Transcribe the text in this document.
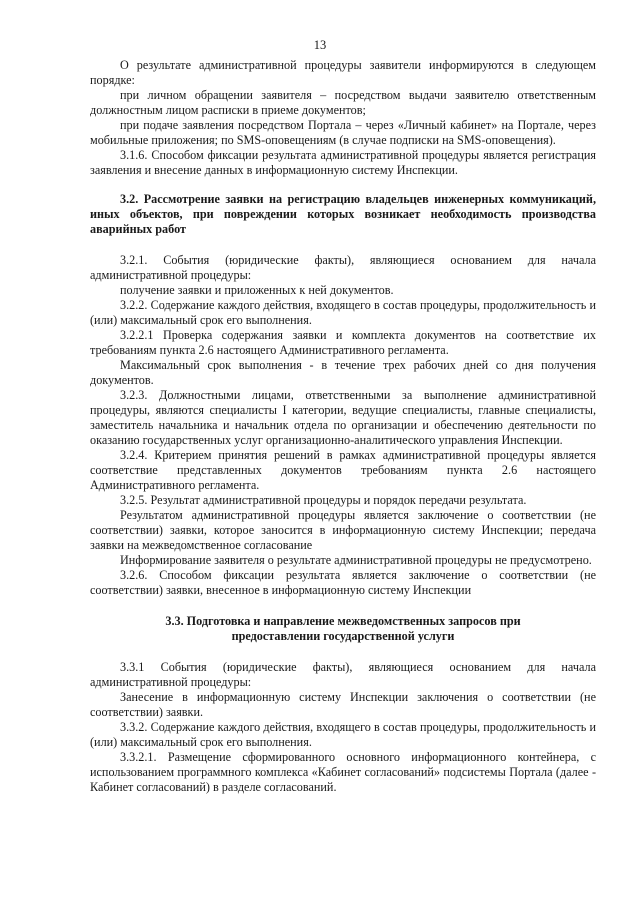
13

О результате административной процедуры заявители информируются в следующем порядке:

при личном обращении заявителя – посредством выдачи заявителю ответственным должностным лицом расписки в приеме документов;

при подаче заявления посредством Портала – через «Личный кабинет» на Портале, через мобильные приложения; по SMS-оповещениям (в случае подписки на SMS-оповещения).

3.1.6. Способом фиксации результата административной процедуры является регистрация заявления и внесение данных в информационную систему Инспекции.

3.2. Рассмотрение заявки на регистрацию владельцев инженерных коммуникаций, иных объектов, при повреждении которых возникает необходимость производства аварийных работ

3.2.1. События (юридические факты), являющиеся основанием для начала административной процедуры:

получение заявки и приложенных к ней документов.

3.2.2. Содержание каждого действия, входящего в состав процедуры, продолжительность и (или) максимальный срок его выполнения.

3.2.2.1 Проверка содержания заявки и комплекта документов на соответствие их требованиям пункта 2.6 настоящего Административного регламента.

Максимальный срок выполнения - в течение трех рабочих дней со дня получения документов.

3.2.3. Должностными лицами, ответственными за выполнение административной процедуры, являются специалисты I категории, ведущие специалисты, главные специалисты, заместитель начальника и начальник отдела по организации и обеспечению деятельности по оказанию государственных услуг организационно-аналитического управления Инспекции.

3.2.4. Критерием принятия решений в рамках административной процедуры является соответствие представленных документов требованиям пункта 2.6 настоящего Административного регламента.

3.2.5. Результат административной процедуры и порядок передачи результата.

Результатом административной процедуры является заключение о соответствии (не соответствии) заявки, которое заносится в информационную систему Инспекции; передача заявки на межведомственное согласование

Информирование заявителя о результате административной процедуры не предусмотрено.

3.2.6. Способом фиксации результата является заключение о соответствии (не соответствии) заявки, внесенное в информационную систему Инспекции

3.3. Подготовка и направление межведомственных запросов при

предоставлении государственной услуги

3.3.1 События (юридические факты), являющиеся основанием для начала административной процедуры:

Занесение в информационную систему Инспекции заключения о соответствии (не соответствии) заявки.

3.3.2. Содержание каждого действия, входящего в состав процедуры, продолжительность и (или) максимальный срок его выполнения.

3.3.2.1. Размещение сформированного основного информационного контейнера, с использованием программного комплекса «Кабинет согласований» подсистемы Портала (далее - Кабинет согласований) в разделе согласований.
